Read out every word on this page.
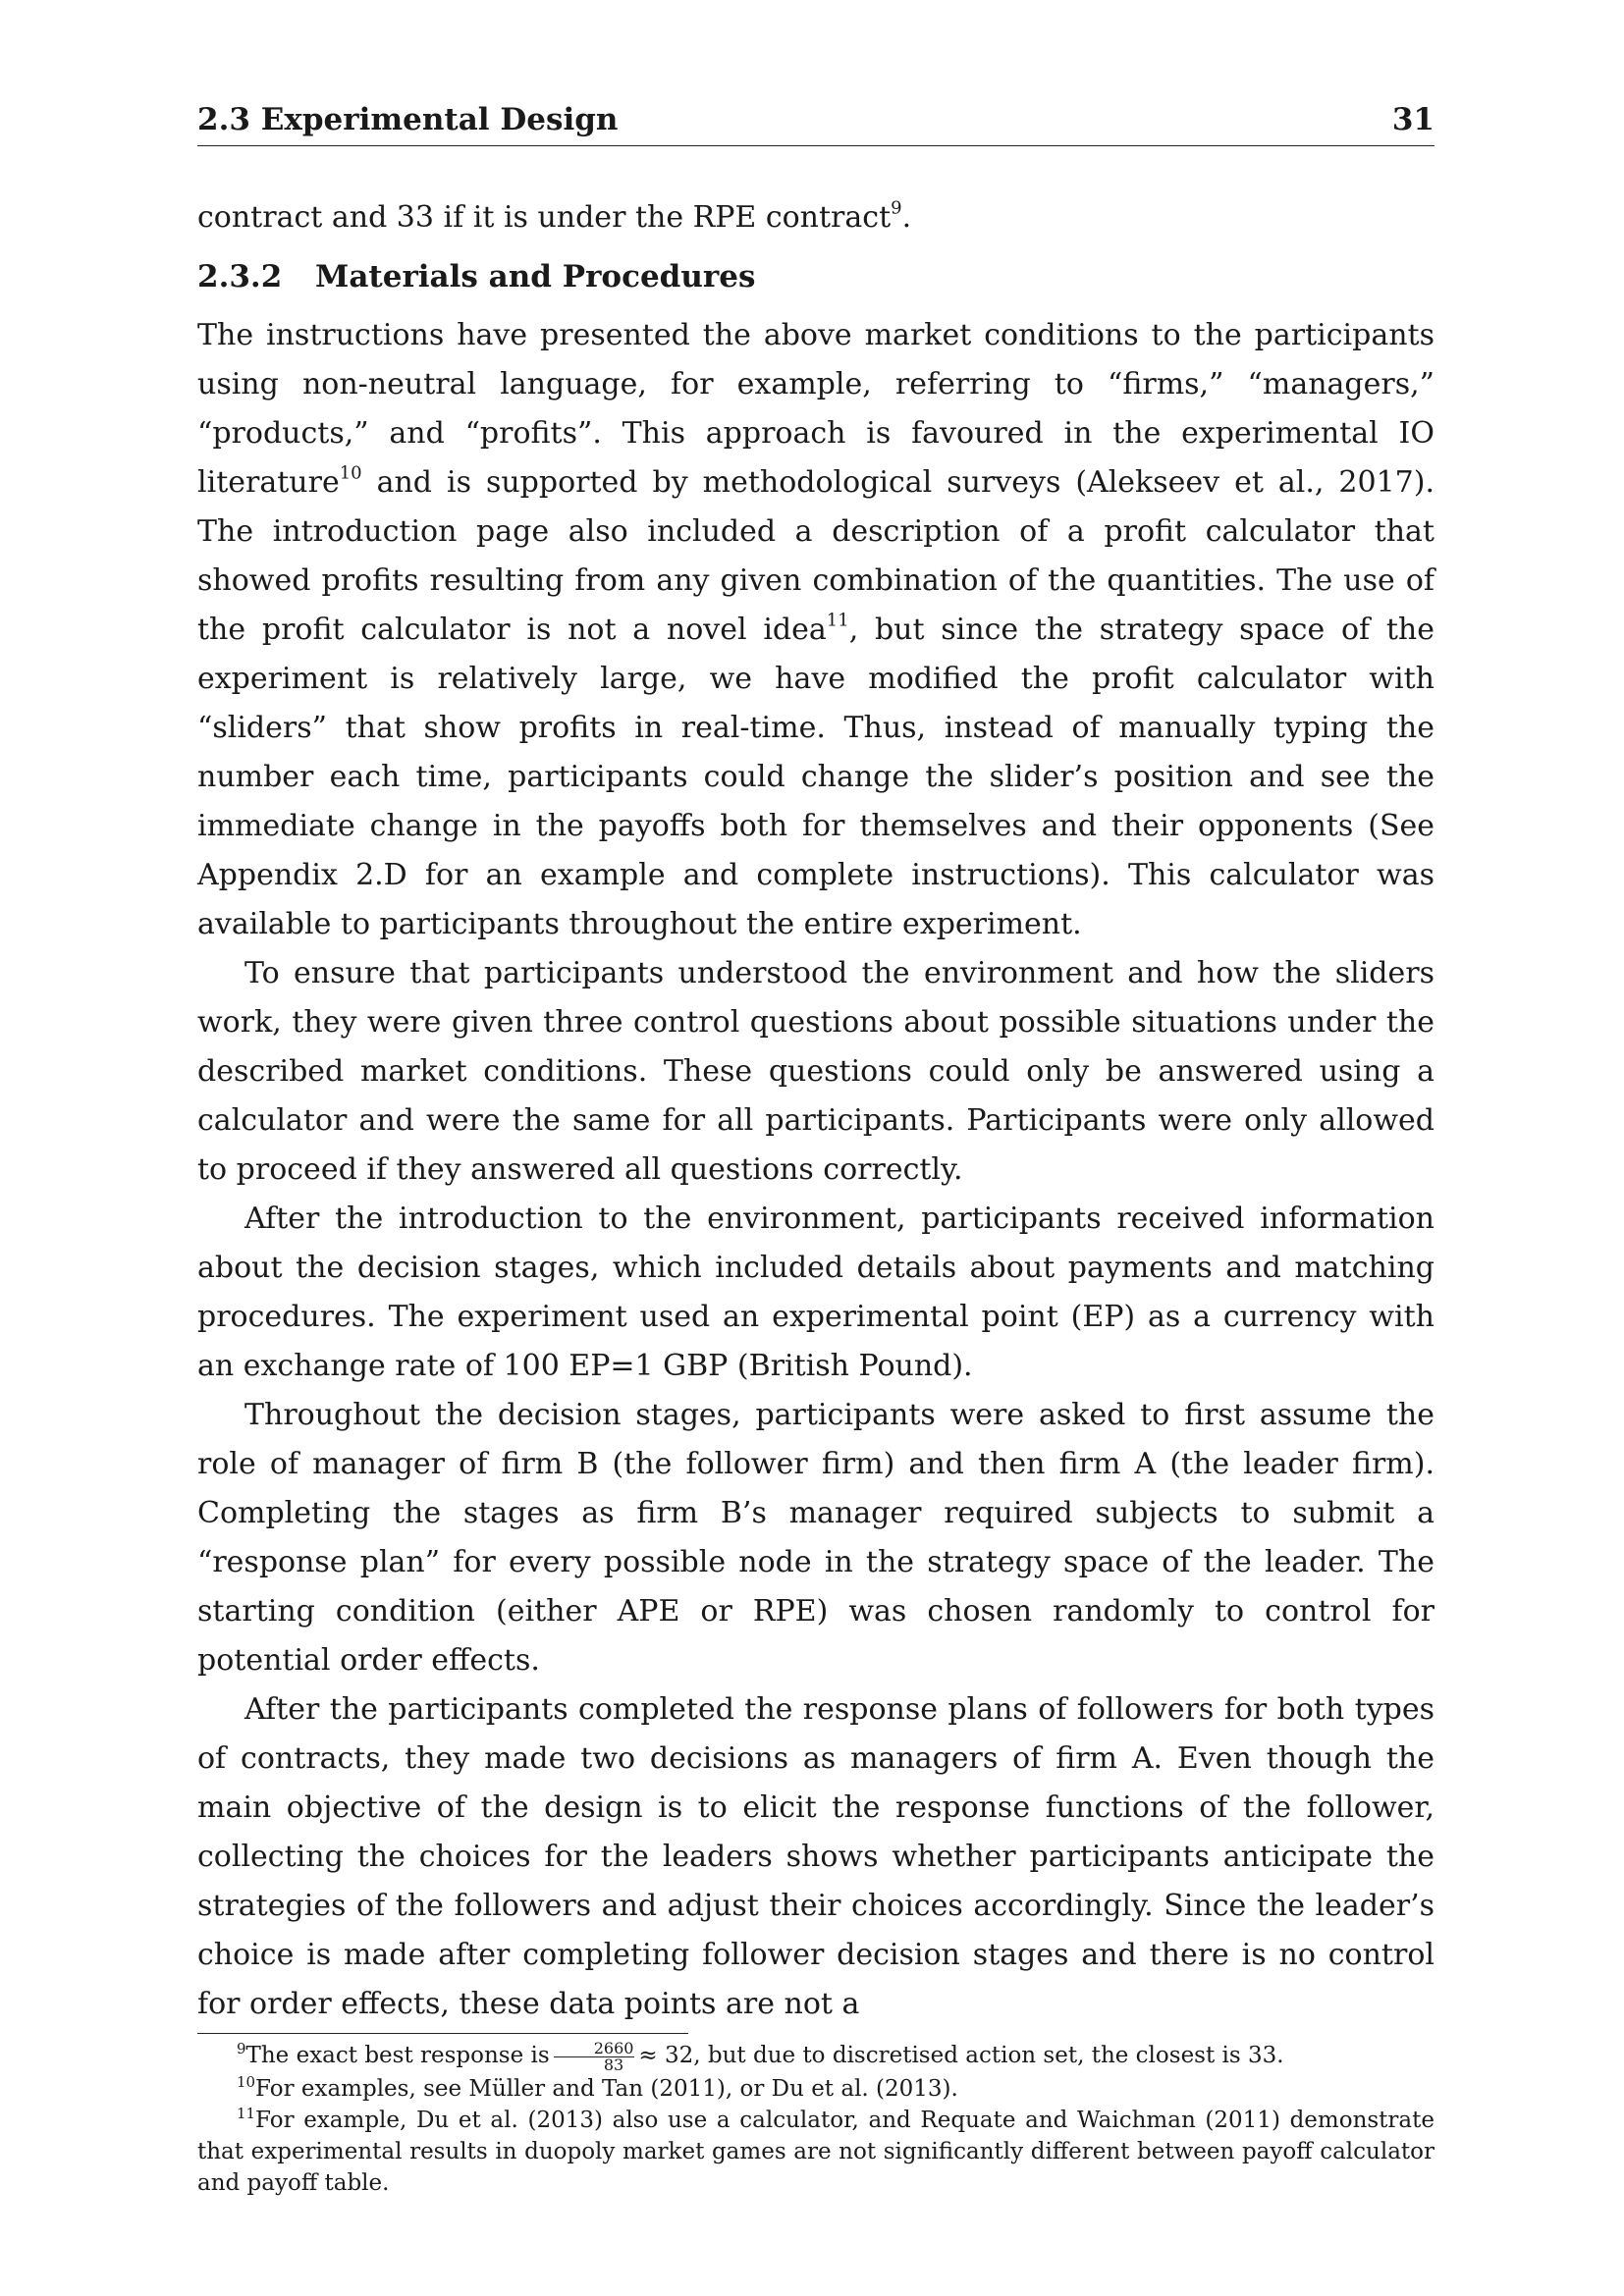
2.3 Experimental Design	31

contract and 33 if it is under the RPE contract$^9$.

2.3.2 Materials and Procedures

The instructions have presented the above market conditions to the participants using non-neutral language, for example, referring to “firms,” “managers,” “products,” and “profits”. This approach is favoured in the experimental IO literature$^{10}$ and is supported by methodological surveys (Alekseev et al., 2017). The introduction page also included a description of a profit calculator that showed profits resulting from any given combination of the quantities. The use of the profit calculator is not a novel idea$^{11}$, but since the strategy space of the experiment is relatively large, we have modified the profit calculator with “sliders” that show profits in real-time. Thus, instead of manually typing the number each time, participants could change the slider’s position and see the immediate change in the payoffs both for themselves and their opponents (See Appendix 2.D for an example and complete instructions). This calculator was available to participants throughout the entire experiment.

To ensure that participants understood the environment and how the sliders work, they were given three control questions about possible situations under the described market conditions. These questions could only be answered using a calculator and were the same for all participants. Participants were only allowed to proceed if they answered all questions correctly.

After the introduction to the environment, participants received information about the decision stages, which included details about payments and matching procedures. The experiment used an experimental point (EP) as a currency with an exchange rate of 100 EP=1 GBP (British Pound).

Throughout the decision stages, participants were asked to first assume the role of manager of firm B (the follower firm) and then firm A (the leader firm). Completing the stages as firm B’s manager required subjects to submit a “response plan” for every possible node in the strategy space of the leader. The starting condition (either APE or RPE) was chosen randomly to control for potential order effects.

After the participants completed the response plans of followers for both types of contracts, they made two decisions as managers of firm A. Even though the main objective of the design is to elicit the response functions of the follower, collecting the choices for the leaders shows whether participants anticipate the strategies of the followers and adjust their choices accordingly. Since the leader’s choice is made after completing follower decision stages and there is no control for order effects, these data points are not a

$^9$The exact best response is $\frac{2660}{83} \approx 32$, but due to discretised action set, the closest is 33.

$^{10}$For examples, see Müller and Tan (2011), or Du et al. (2013).

$^{11}$For example, Du et al. (2013) also use a calculator, and Requate and Waichman (2011) demonstrate that experimental results in duopoly market games are not significantly different between payoff calculator and payoff table.
